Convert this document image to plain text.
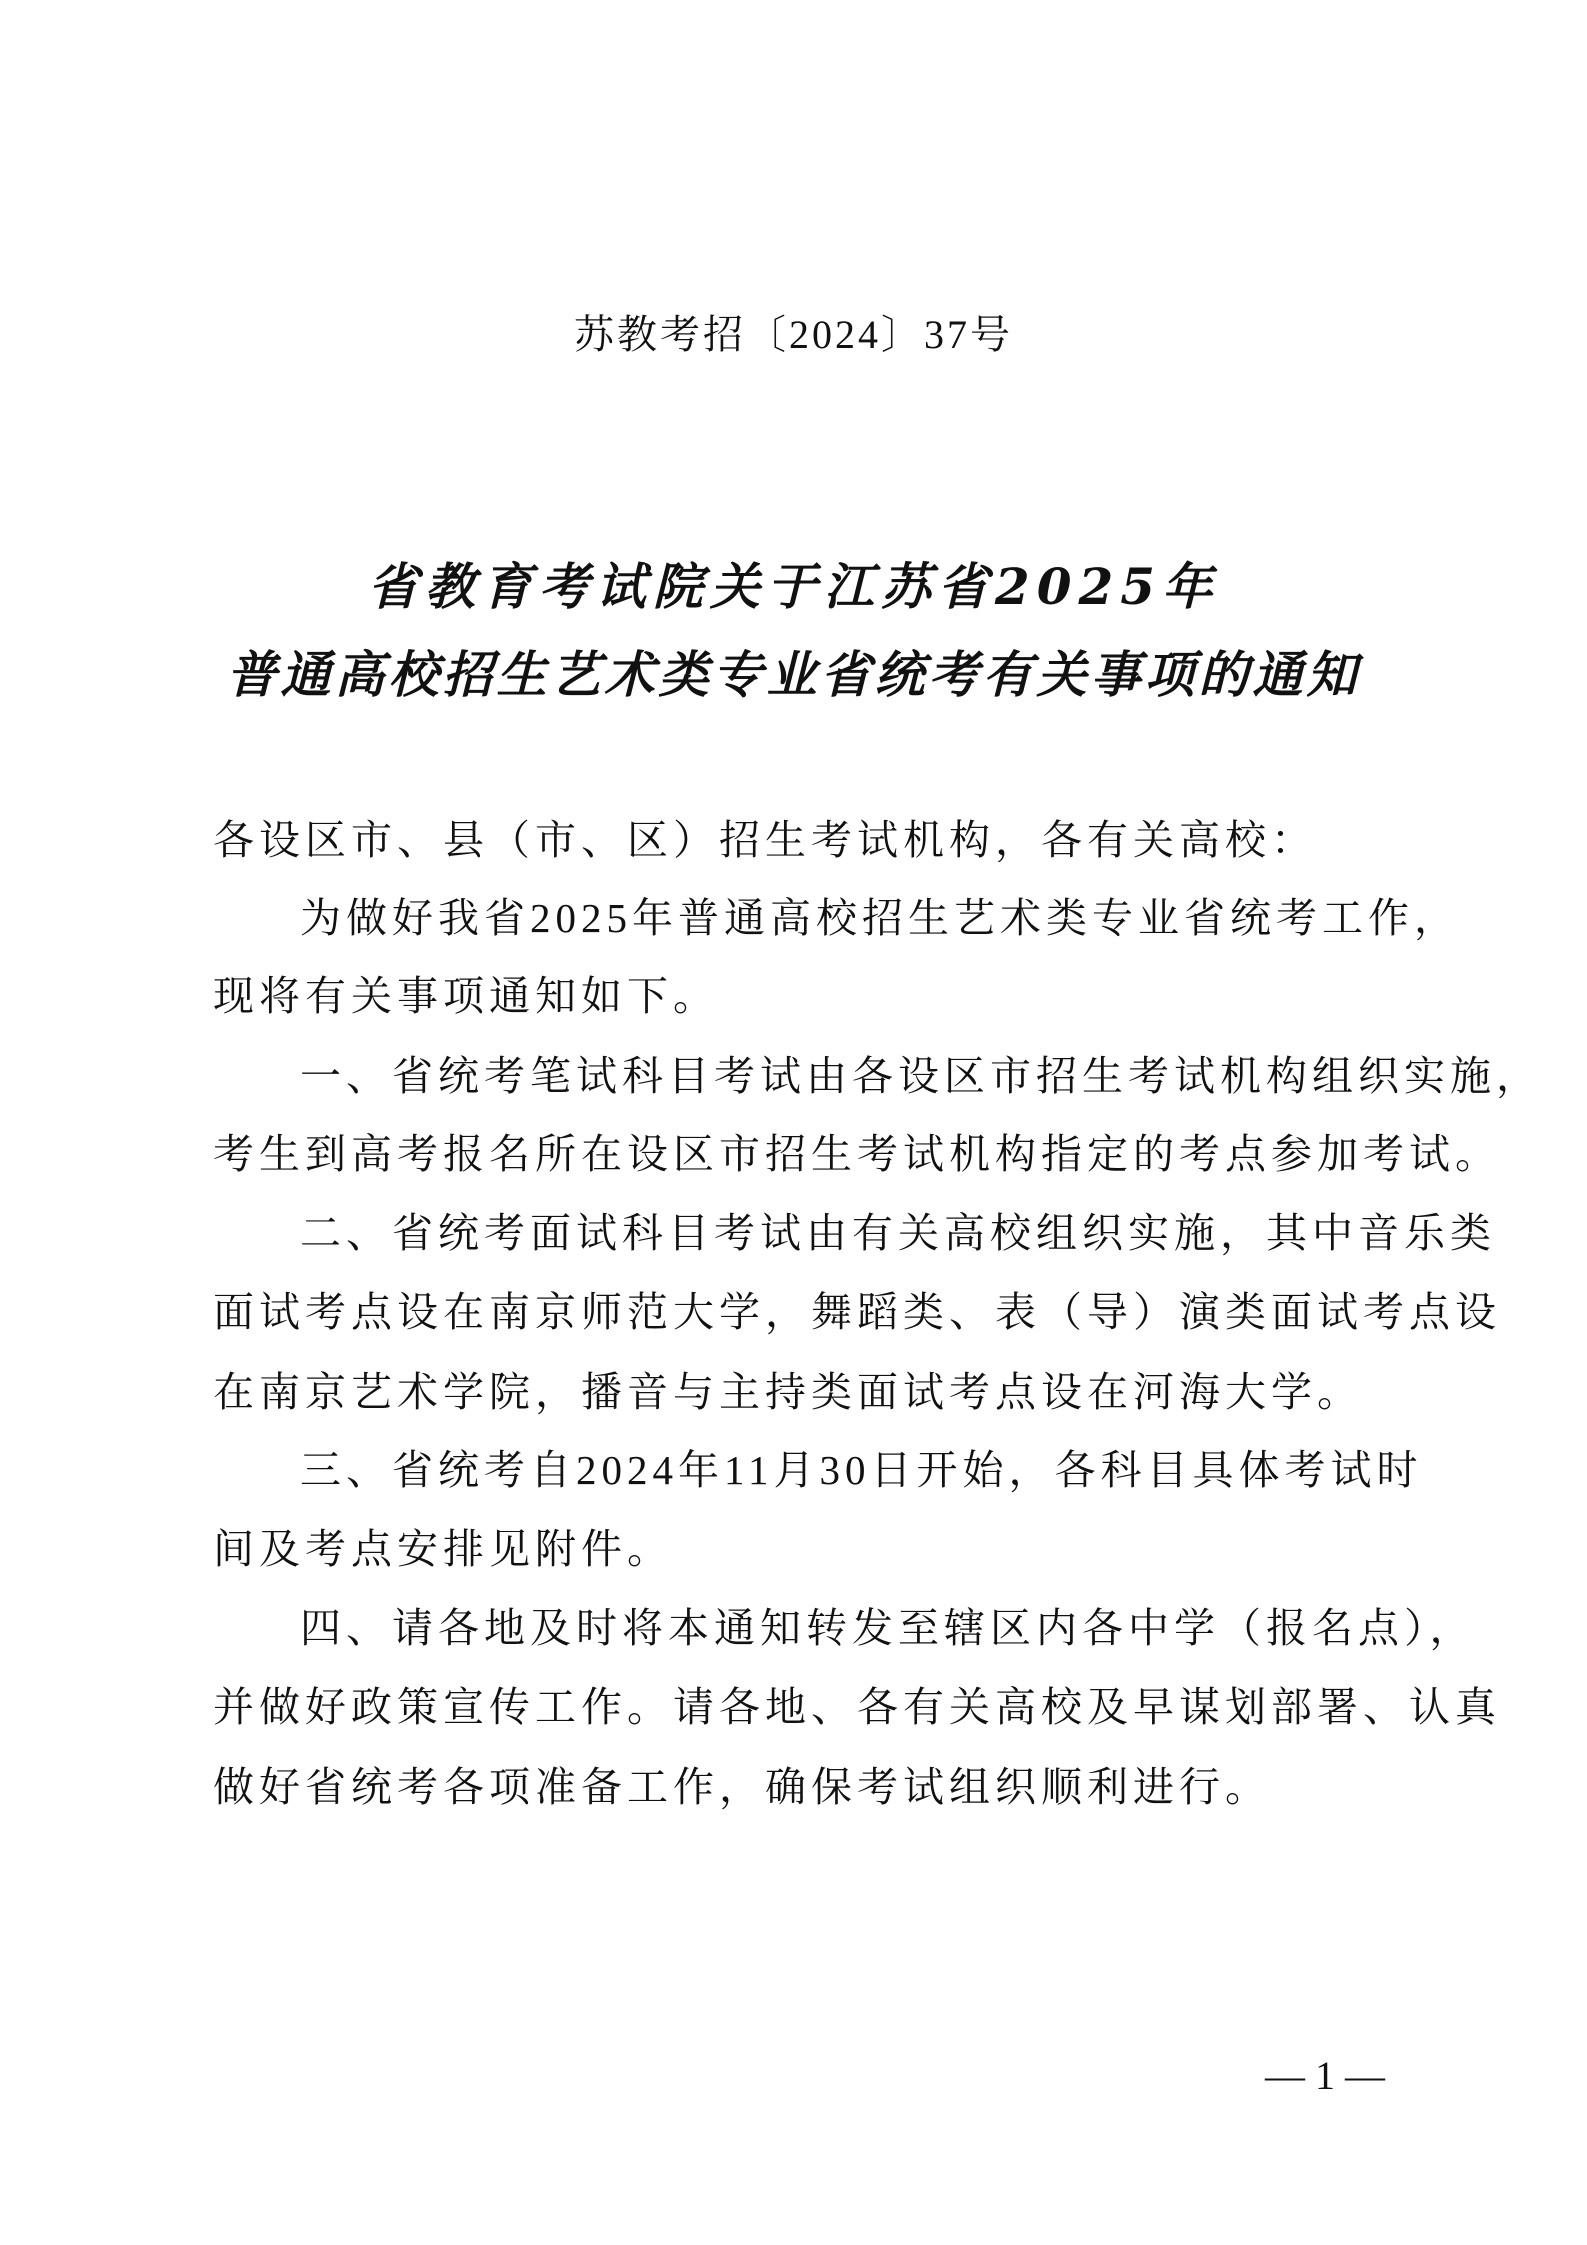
苏教考招〔2024〕37号
省教育考试院关于江苏省2025年
普通高校招生艺术类专业省统考有关事项的通知
各设区市、县（市、区）招生考试机构，各有关高校：
为做好我省2025年普通高校招生艺术类专业省统考工作，
现将有关事项通知如下。
一、省统考笔试科目考试由各设区市招生考试机构组织实施，
考生到高考报名所在设区市招生考试机构指定的考点参加考试。
二、省统考面试科目考试由有关高校组织实施，其中音乐类
面试考点设在南京师范大学，舞蹈类、表（导）演类面试考点设
在南京艺术学院，播音与主持类面试考点设在河海大学。
三、省统考自2024年11月30日开始，各科目具体考试时
间及考点安排见附件。
四、请各地及时将本通知转发至辖区内各中学（报名点），
并做好政策宣传工作。请各地、各有关高校及早谋划部署、认真
做好省统考各项准备工作，确保考试组织顺利进行。
— 1 —
